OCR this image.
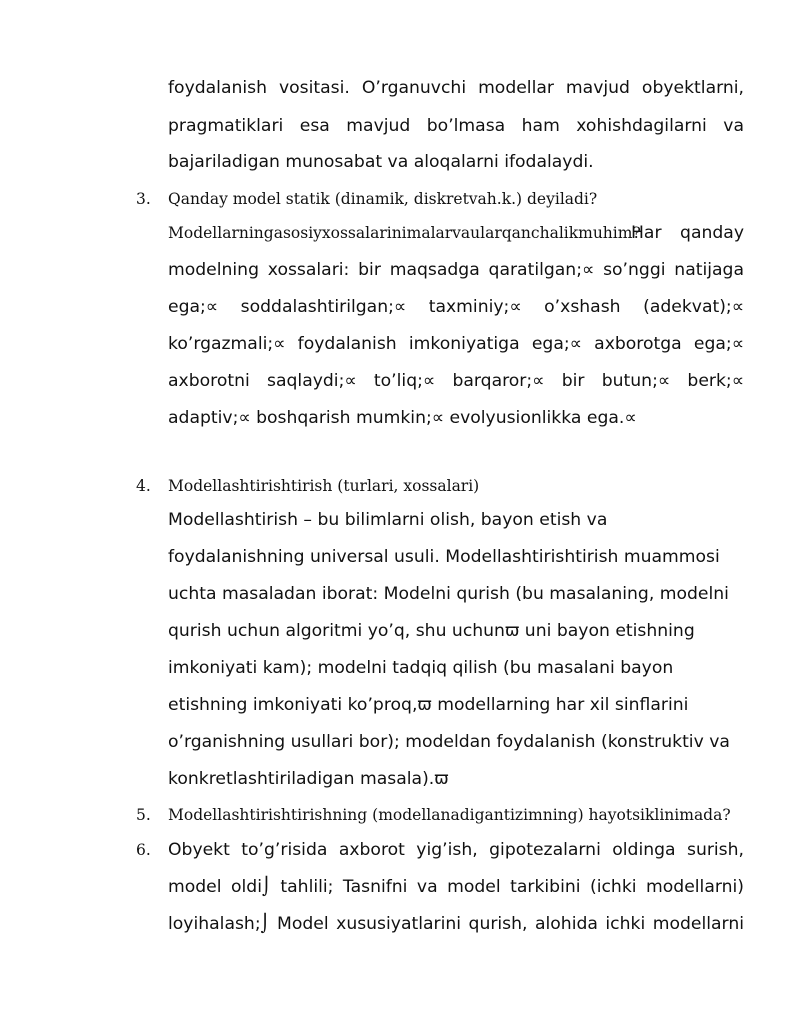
foydalanish vositasi. O’rganuvchi modellar mavjud obyektlarni,
pragmatiklari esa mavjud bo’lmasa ham xohishdagilarni va
bajariladigan munosabat va aloqalarni ifodalaydi.
3. Qanday model statik (dinamik, diskretvah.k.) deyiladi?
Modellarningasosiyxossalarinimalarvaularqanchalikmuhim?
Har qanday
modelning xossalari: bir maqsadga qaratilgan;∝ so’nggi natijaga
ega;∝ soddalashtirilgan;∝ taxminiy;∝ o’xshash (adekvat);∝
ko’rgazmali;∝ foydalanish imkoniyatiga ega;∝ axborotga ega;∝
axborotni saqlaydi;∝ to’liq;∝ barqaror;∝ bir butun;∝ berk;∝
adaptiv;∝ boshqarish mumkin;∝ evolyusionlikka ega.∝
4. Modellashtirishtirish (turlari, xossalari)
Modellashtirish – bu bilimlarni olish, bayon etish va
foydalanishning universal usuli. Modellashtirishtirish muammosi
uchta masaladan iborat: Modelni qurish (bu masalaning, modelni
qurish uchun algoritmi yo’q, shu uchunϖ uni bayon etishning
imkoniyati kam); modelni tadqiq qilish (bu masalani bayon
etishning imkoniyati ko’proq,ϖ modellarning har xil sinflarini
o’rganishning usullari bor); modeldan foydalanish (konstruktiv va
konkretlashtiriladigan masala).ϖ
5. Modellashtirishtirishning (modellanadigantizimning) hayotsiklinimada?
6. Obyekt to’g’risida axborot yig’ish, gipotezalarni oldinga surish,
model oldi⌡ tahlili; Tasnifni va model tarkibini (ichki modellarni)
loyihalash;⌡ Model xususiyatlarini qurish, alohida ichki modellarni
